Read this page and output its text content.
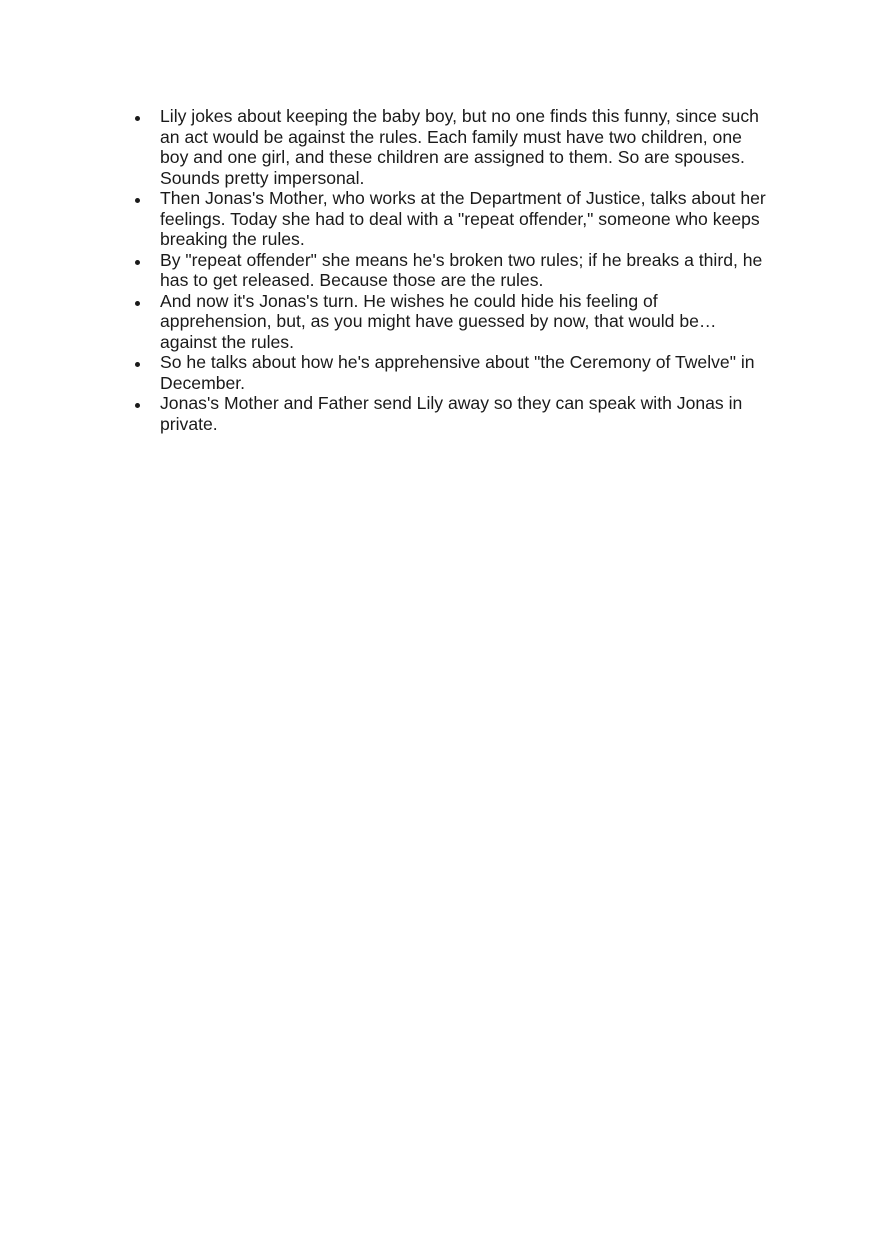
Lily jokes about keeping the baby boy, but no one finds this funny, since such
an act would be against the rules. Each family must have two children, one
boy and one girl, and these children are assigned to them. So are spouses.
Sounds pretty impersonal.
Then Jonas's Mother, who works at the Department of Justice, talks about her
feelings. Today she had to deal with a "repeat offender," someone who keeps
breaking the rules.
By "repeat offender" she means he's broken two rules; if he breaks a third, he
has to get released. Because those are the rules.
And now it's Jonas's turn. He wishes he could hide his feeling of
apprehension, but, as you might have guessed by now, that would be…
against the rules.
So he talks about how he's apprehensive about "the Ceremony of Twelve" in
December.
Jonas's Mother and Father send Lily away so they can speak with Jonas in
private.
